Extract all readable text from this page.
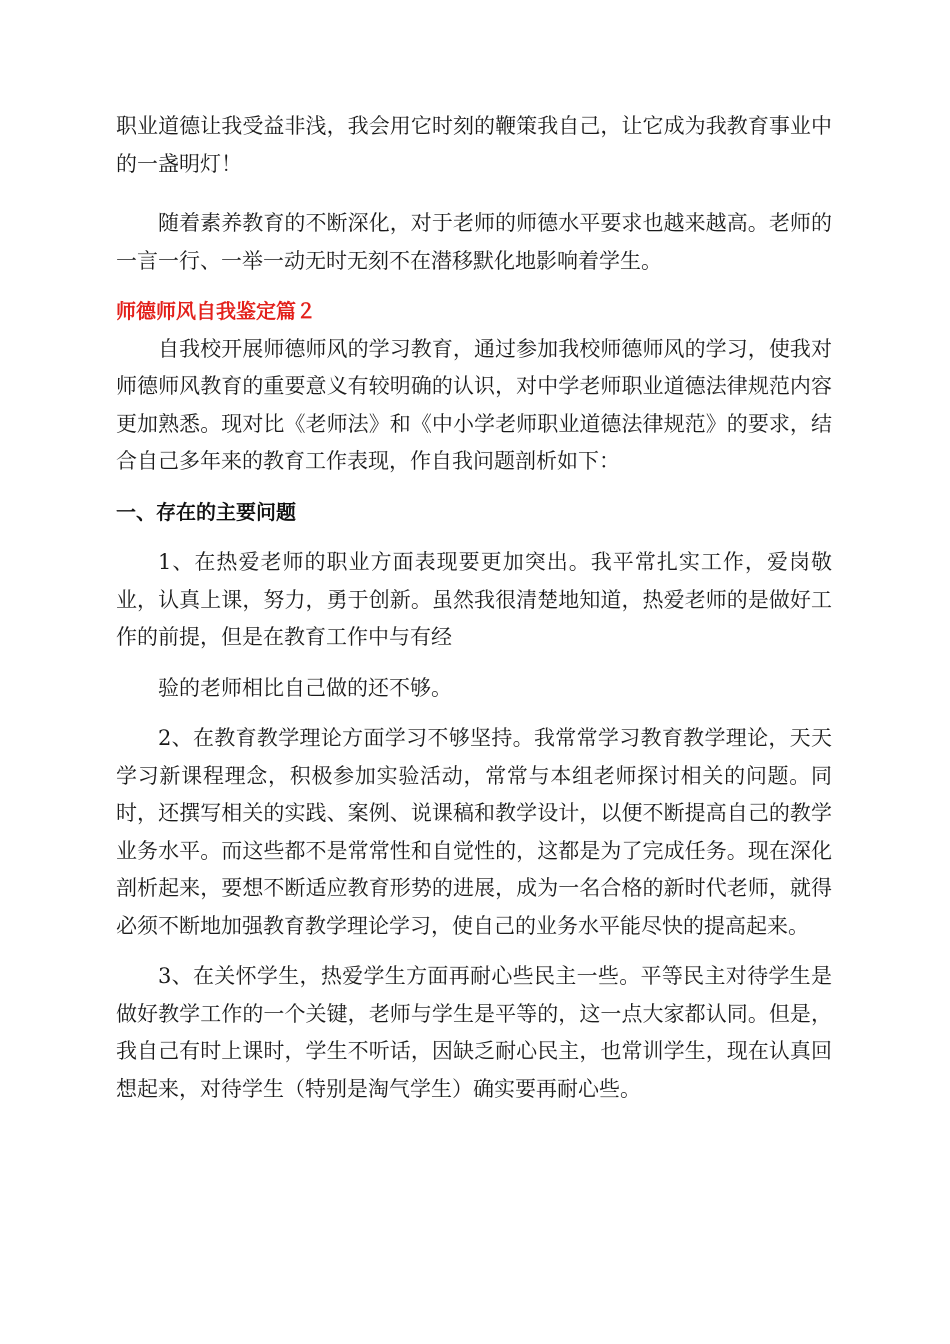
职业道德让我受益非浅，我会用它时刻的鞭策我自己，让它成为我教育事业中的一盏明灯！

随着素养教育的不断深化，对于老师的师德水平要求也越来越高。老师的一言一行、一举一动无时无刻不在潜移默化地影响着学生。

师德师风自我鉴定篇２

自我校开展师德师风的学习教育，通过参加我校师德师风的学习，使我对师德师风教育的重要意义有较明确的认识，对中学老师职业道德法律规范内容更加熟悉。现对比《老师法》和《中小学老师职业道德法律规范》的要求，结合自己多年来的教育工作表现，作自我问题剖析如下：

一、存在的主要问题

1、在热爱老师的职业方面表现要更加突出。我平常扎实工作，爱岗敬业，认真上课，努力，勇于创新。虽然我很清楚地知道，热爱老师的是做好工作的前提，但是在教育工作中与有经

验的老师相比自己做的还不够。

2、在教育教学理论方面学习不够坚持。我常常学习教育教学理论，天天学习新课程理念，积极参加实验活动，常常与本组老师探讨相关的问题。同时，还撰写相关的实践、案例、说课稿和教学设计，以便不断提高自己的教学业务水平。而这些都不是常常性和自觉性的，这都是为了完成任务。现在深化剖析起来，要想不断适应教育形势的进展，成为一名合格的新时代老师，就得必须不断地加强教育教学理论学习，使自己的业务水平能尽快的提高起来。

3、在关怀学生，热爱学生方面再耐心些民主一些。平等民主对待学生是做好教学工作的一个关键，老师与学生是平等的，这一点大家都认同。但是，我自己有时上课时，学生不听话，因缺乏耐心民主，也常训学生，现在认真回想起来，对待学生（特别是淘气学生）确实要再耐心些。
